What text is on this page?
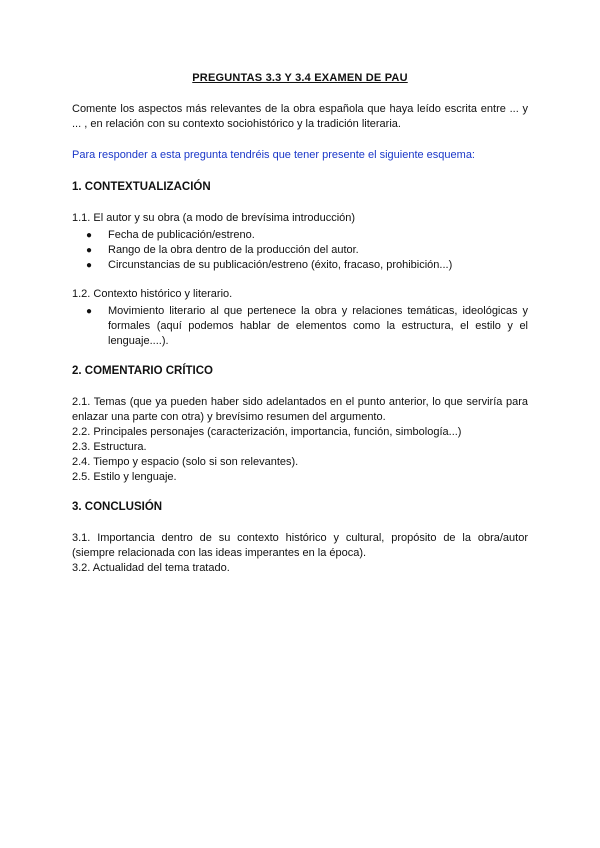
PREGUNTAS 3.3 Y 3.4 EXAMEN DE PAU

Comente los aspectos más relevantes de la obra española que haya leído escrita entre ... y ... , en relación con su contexto sociohistórico y la tradición literaria.

Para responder a esta pregunta tendréis que tener presente el siguiente esquema:

1. CONTEXTUALIZACIÓN

1.1. El autor y su obra (a modo de brevísima introducción)

● Fecha de publicación/estreno.
● Rango de la obra dentro de la producción del autor.
● Circunstancias de su publicación/estreno (éxito, fracaso, prohibición...)

1.2. Contexto histórico y literario.

● Movimiento literario al que pertenece la obra y relaciones temáticas, ideológicas y formales (aquí podemos hablar de elementos como la estructura, el estilo y el lenguaje....).
2. COMENTARIO CRÍTICO

2.1. Temas (que ya pueden haber sido adelantados en el punto anterior, lo que serviría para enlazar una parte con otra) y brevísimo resumen del argumento.

2.2. Principales personajes (caracterización, importancia, función, simbología...)

2.3. Estructura.

2.4. Tiempo y espacio (solo si son relevantes).

2.5. Estilo y lenguaje.

3. CONCLUSIÓN

3.1. Importancia dentro de su contexto histórico y cultural, propósito de la obra/autor (siempre relacionada con las ideas imperantes en la época).

3.2. Actualidad del tema tratado.
